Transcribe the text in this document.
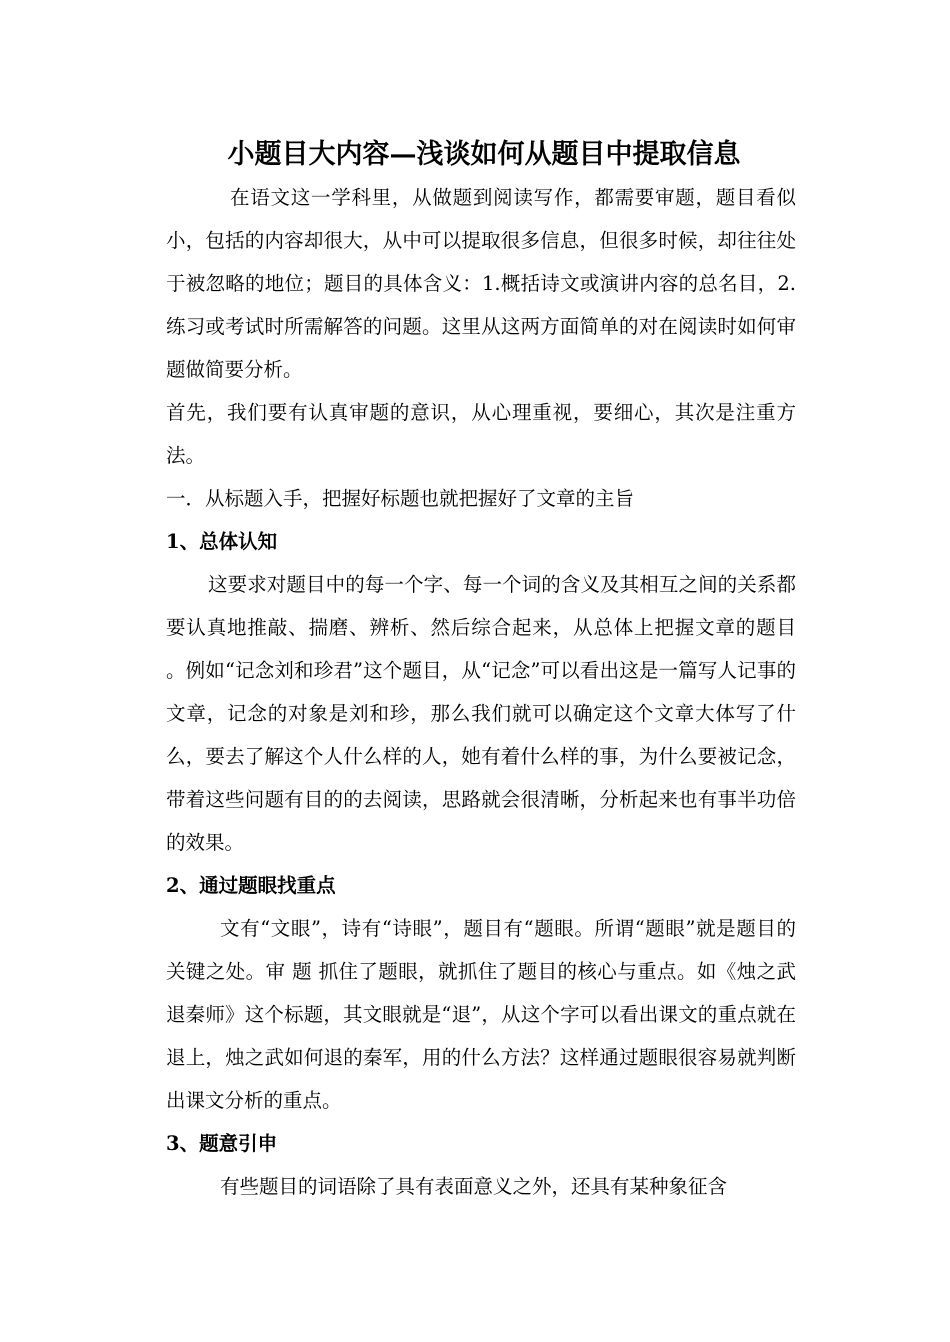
小题目大内容—浅谈如何从题目中提取信息

在语文这一学科里，从做题到阅读写作，都需要审题，题目看似小，包括的内容却很大，从中可以提取很多信息，但很多时候，却往往处于被忽略的地位；题目的具体含义：1.概括诗文或演讲内容的总名目，2.练习或考试时所需解答的问题。这里从这两方面简单的对在阅读时如何审题做简要分析。

首先，我们要有认真审题的意识，从心理重视，要细心，其次是注重方法。

一．从标题入手，把握好标题也就把握好了文章的主旨

1、总体认知

这要求对题目中的每一个字、每一个词的含义及其相互之间的关系都要认真地推敲、揣磨、辨析、然后综合起来，从总体上把握文章的题目 。例如“记念刘和珍君”这个题目，从“记念”可以看出这是一篇写人记事的文章，记念的对象是刘和珍，那么我们就可以确定这个文章大体写了什么，要去了解这个人什么样的人，她有着什么样的事，为什么要被记念，带着这些问题有目的的去阅读，思路就会很清晰，分析起来也有事半功倍的效果。

2、通过题眼找重点

文有“文眼”，诗有“诗眼”，题目有“题眼。所谓“题眼”就是题目的关键之处。审 题 抓住了题眼，就抓住了题目的核心与重点。如《烛之武退秦师》这个标题，其文眼就是“退”，从这个字可以看出课文的重点就在退上，烛之武如何退的秦军，用的什么方法？这样通过题眼很容易就判断出课文分析的重点。

3、题意引申

有些题目的词语除了具有表面意义之外，还具有某种象征含
